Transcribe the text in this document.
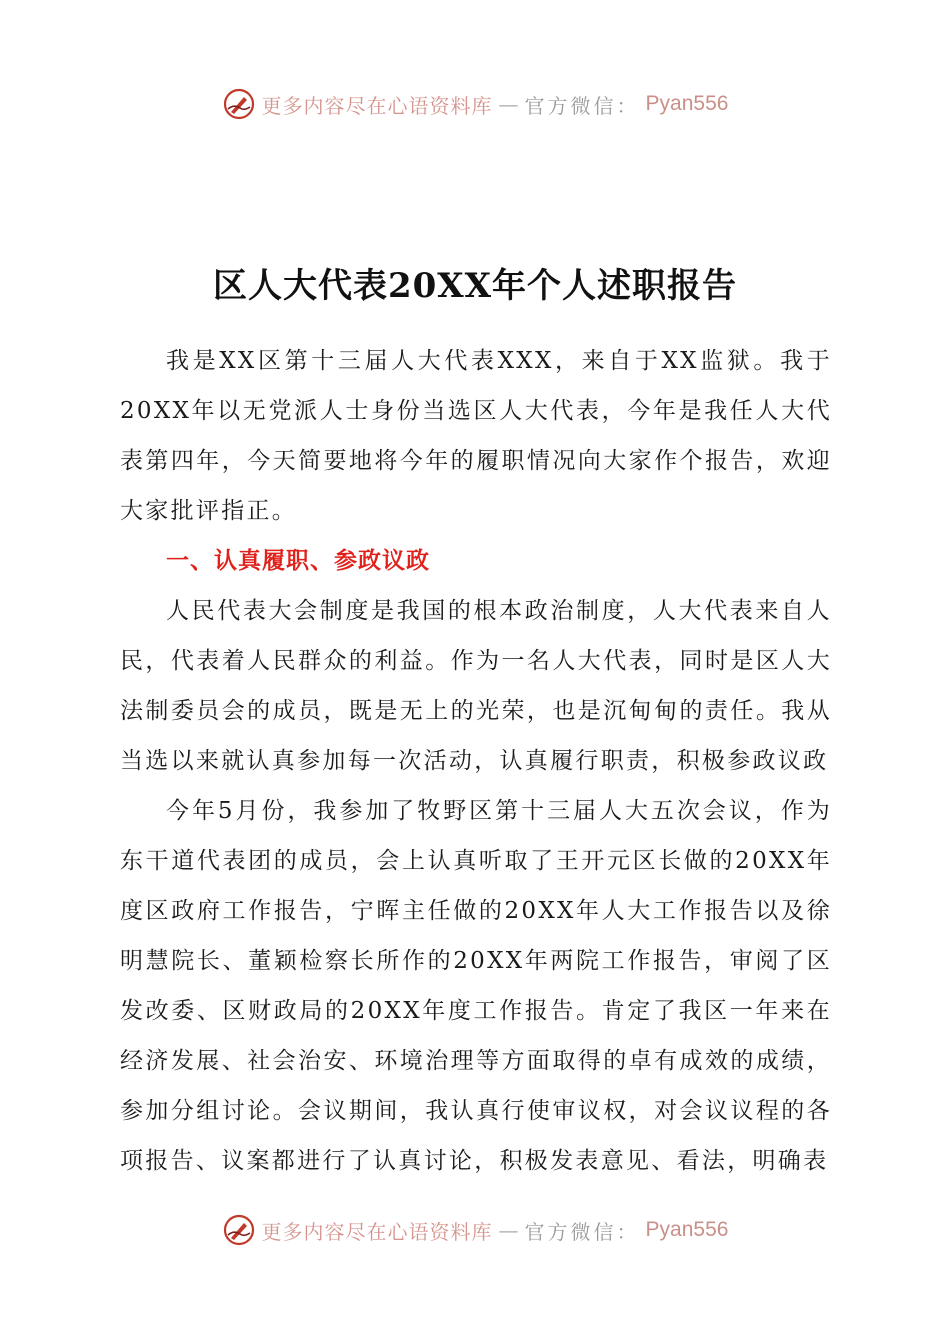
更多内容尽在心语资料库 — 官方微信： Pyan556
区人大代表20XX年个人述职报告

我是XX区第十三届人大代表XXX，来自于XX监狱。我于20XX年以无党派人士身份当选区人大代表，今年是我任人大代表第四年，今天简要地将今年的履职情况向大家作个报告，欢迎大家批评指正。

一、认真履职、参政议政

人民代表大会制度是我国的根本政治制度，人大代表来自人民，代表着人民群众的利益。作为一名人大代表，同时是区人大法制委员会的成员，既是无上的光荣，也是沉甸甸的责任。我从当选以来就认真参加每一次活动，认真履行职责，积极参政议政

今年5月份，我参加了牧野区第十三届人大五次会议，作为东干道代表团的成员，会上认真听取了王开元区长做的20XX年度区政府工作报告，宁晖主任做的20XX年人大工作报告以及徐明慧院长、董颖检察长所作的20XX年两院工作报告，审阅了区发改委、区财政局的20XX年度工作报告。肯定了我区一年来在经济发展、社会治安、环境治理等方面取得的卓有成效的成绩，参加分组讨论。会议期间，我认真行使审议权，对会议议程的各项报告、议案都进行了认真讨论，积极发表意见、看法，明确表

更多内容尽在心语资料库 — 官方微信： Pyan556
